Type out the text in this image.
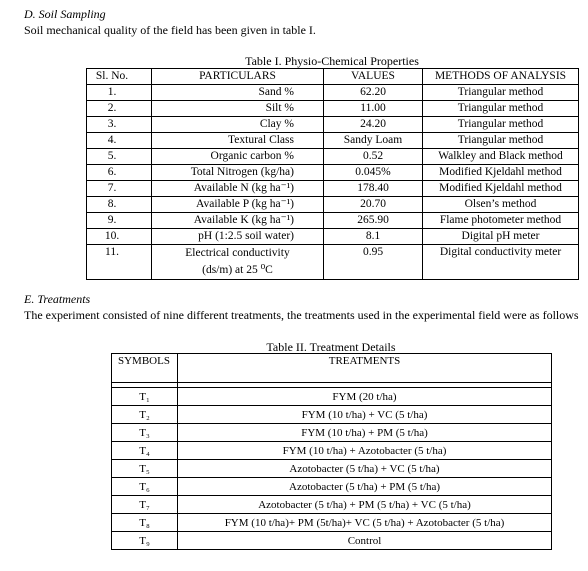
D. Soil Sampling
Soil mechanical quality of the field has been given in table I.
Table I. Physio-Chemical Properties
Sl. No.	PARTICULARS	VALUES	METHODS OF ANALYSIS
1.	Sand %	62.20	Triangular method
2.	Silt %	11.00	Triangular method
3.	Clay %	24.20	Triangular method
4.	Textural Class	Sandy Loam	Triangular method
5.	Organic carbon %	0.52	Walkley and Black method
6.	Total Nitrogen (kg/ha)	0.045%	Modified Kjeldahl method
7.	Available N (kg ha⁻¹)	178.40	Modified Kjeldahl method
8.	Available P (kg ha⁻¹)	20.70	Olsen’s method
9.	Available K (kg ha⁻¹)	265.90	Flame photometer method
10.	pH (1:2.5 soil water)	8.1	Digital pH meter
11.	Electrical conductivity
(ds/m) at 25 ⁰C	0.95	Digital conductivity meter
E. Treatments
The experiment consisted of nine different treatments, the treatments used in the experimental field were as follows
Table II. Treatment Details
SYMBOLS	TREATMENTS

T₁	FYM (20 t/ha)
T₂	FYM (10 t/ha) + VC (5 t/ha)
T₃	FYM (10 t/ha) + PM (5 t/ha)
T₄	FYM (10 t/ha) + Azotobacter (5 t/ha)
T₅	Azotobacter (5 t/ha) + VC (5 t/ha)
T₆	Azotobacter (5 t/ha) + PM (5 t/ha)
T₇	Azotobacter (5 t/ha) + PM (5 t/ha) + VC (5 t/ha)
T₈	FYM (10 t/ha)+ PM (5t/ha)+ VC (5 t/ha) + Azotobacter (5 t/ha)
T₉	Control
